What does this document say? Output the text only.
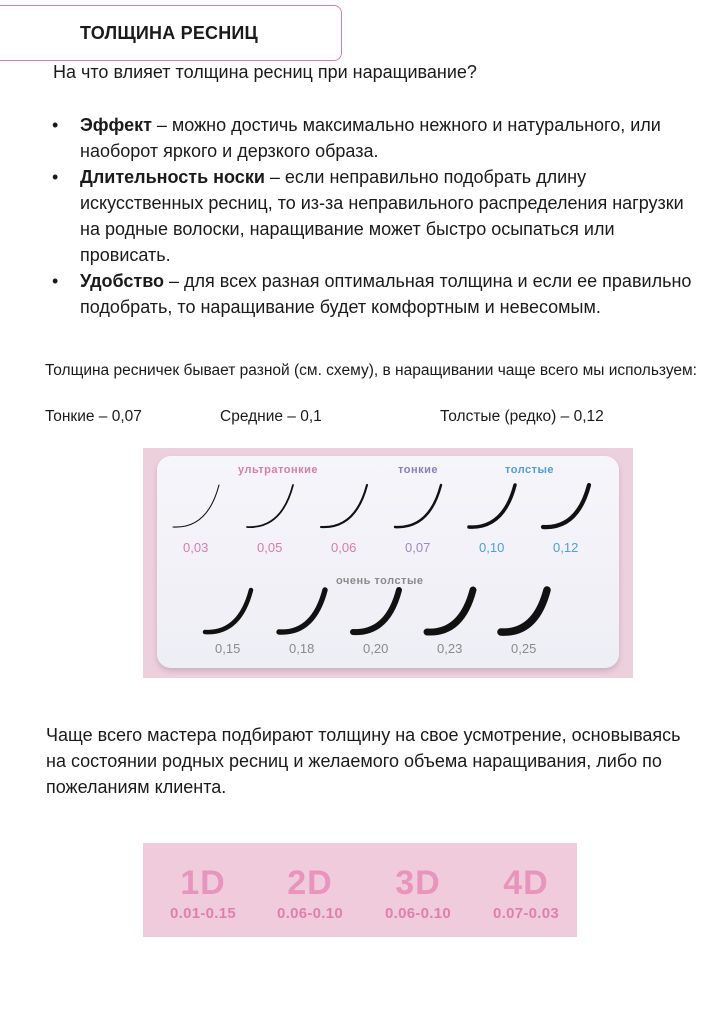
ТОЛЩИНА РЕСНИЦ
На что влияет толщина ресниц при наращивание?
• Эффект – можно достичь максимально нежного и натурального, или наоборот яркого и дерзкого образа.
• Длительность носки – если неправильно подобрать длину искусственных ресниц, то из-за неправильного распределения нагрузки на родные волоски, наращивание может быстро осыпаться или провисать.
• Удобство – для всех разная оптимальная толщина и если ее правильно подобрать, то наращивание будет комфортным и невесомым.
Толщина ресничек бывает разной (см. схему), в наращивании чаще всего мы используем:
Тонкие – 0,07	Средние – 0,1	Толстые (редко) – 0,12
ультратонкие	тонкие	толстые
очень толстые
0,03	0,05	0,06	0,07	0,10	0,12
0,15	0,18	0,20	0,23	0,25
Чаще всего мастера подбирают толщину на свое усмотрение, основываясь на состоянии родных ресниц и желаемого объема наращивания, либо по пожеланиям клиента.
1D
0.01-0.15
2D
0.06-0.10
3D
0.06-0.10
4D
0.07-0.03
